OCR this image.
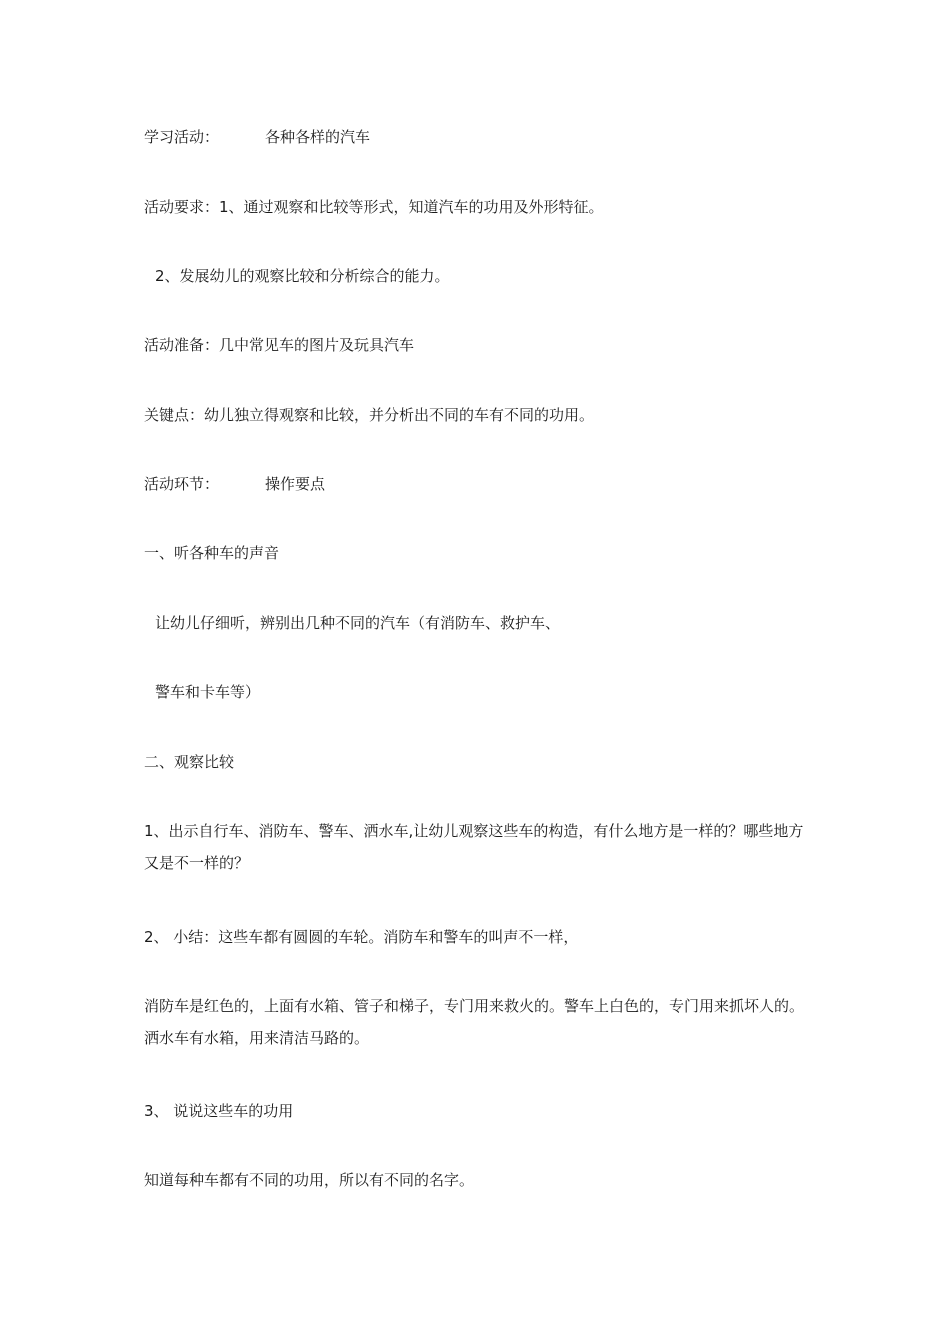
学习活动：	各种各样的汽车
活动要求：1、通过观察和比较等形式，知道汽车的功用及外形特征。
2、发展幼儿的观察比较和分析综合的能力。
活动准备：几中常见车的图片及玩具汽车
关键点：幼儿独立得观察和比较，并分析出不同的车有不同的功用。
活动环节：	操作要点
一、听各种车的声音
让幼儿仔细听，辨别出几种不同的汽车（有消防车、救护车、
警车和卡车等）
二、观察比较
1、出示自行车、消防车、警车、洒水车,让幼儿观察这些车的构造，有什么地方是一样的？哪些地方又是不一样的？
2、 小结：这些车都有圆圆的车轮。消防车和警车的叫声不一样，
消防车是红色的，上面有水箱、管子和梯子，专门用来救火的。警车上白色的，专门用来抓坏人的。洒水车有水箱，用来清洁马路的。
3、 说说这些车的功用
知道每种车都有不同的功用，所以有不同的名字。
